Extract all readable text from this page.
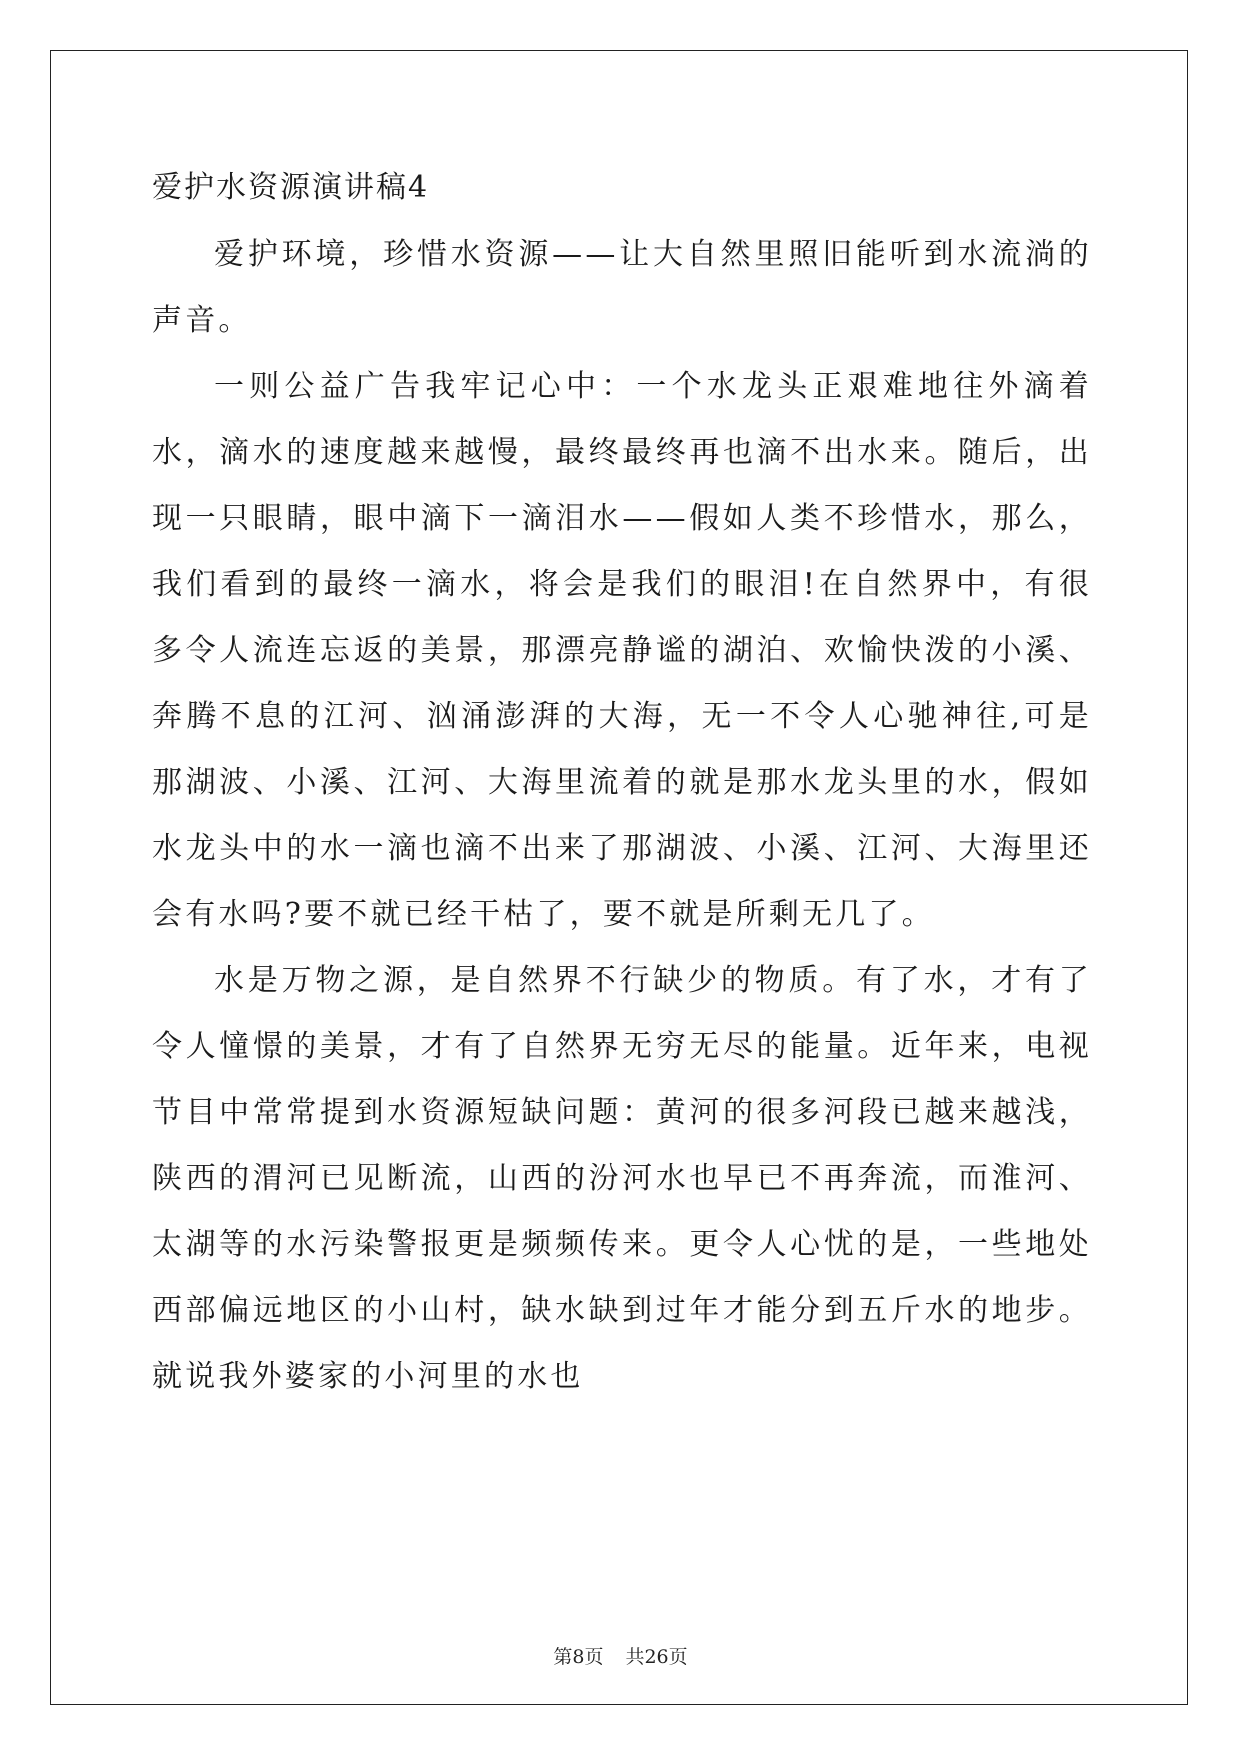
爱护水资源演讲稿4

爱护环境，珍惜水资源——让大自然里照旧能听到水流淌的声音。

一则公益广告我牢记心中：一个水龙头正艰难地往外滴着水，滴水的速度越来越慢，最终最终再也滴不出水来。随后，出现一只眼睛，眼中滴下一滴泪水——假如人类不珍惜水，那么，我们看到的最终一滴水，将会是我们的眼泪!在自然界中，有很多令人流连忘返的美景，那漂亮静谧的湖泊、欢愉快泼的小溪、奔腾不息的江河、汹涌澎湃的大海，无一不令人心驰神往,可是那湖波、小溪、江河、大海里流着的就是那水龙头里的水，假如水龙头中的水一滴也滴不出来了那湖波、小溪、江河、大海里还会有水吗?要不就已经干枯了，要不就是所剩无几了。

水是万物之源，是自然界不行缺少的物质。有了水，才有了令人憧憬的美景，才有了自然界无穷无尽的能量。近年来，电视节目中常常提到水资源短缺问题：黄河的很多河段已越来越浅，陕西的渭河已见断流，山西的汾河水也早已不再奔流，而淮河、太湖等的水污染警报更是频频传来。更令人心忧的是，一些地处西部偏远地区的小山村，缺水缺到过年才能分到五斤水的地步。就说我外婆家的小河里的水也

第8页 共26页
